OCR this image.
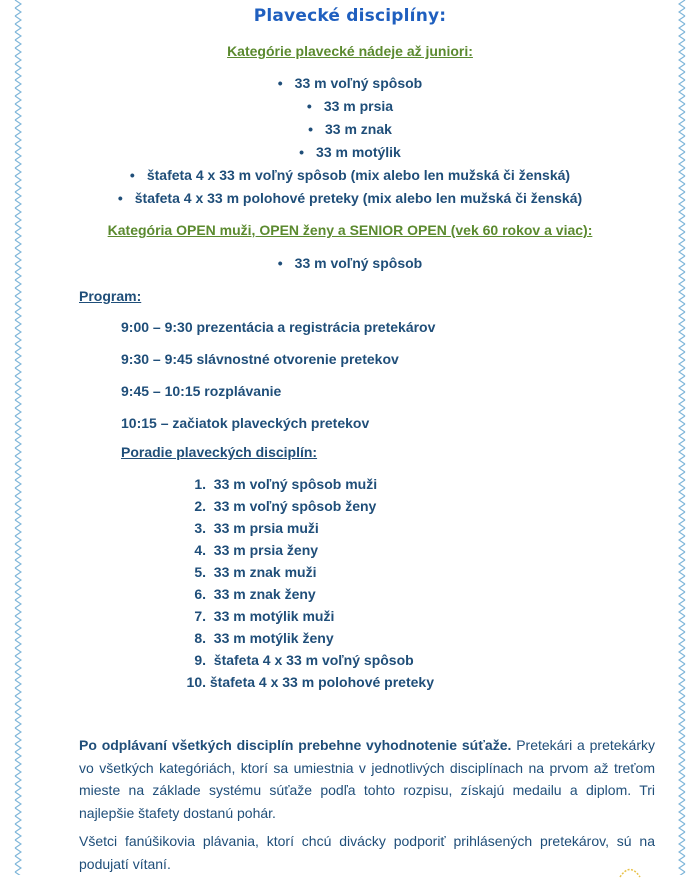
Plavecké disciplíny:
Kategórie plavecké nádeje až juniori:
• 33 m voľný spôsob
• 33 m prsia
• 33 m znak
• 33 m motýlik
• štafeta 4 x 33 m voľný spôsob (mix alebo len mužská či ženská)
• štafeta 4 x 33 m polohové preteky (mix alebo len mužská či ženská)
Kategória OPEN muži, OPEN ženy a SENIOR OPEN (vek 60 rokov a viac):
• 33 m voľný spôsob
Program:
9:00 – 9:30 prezentácia a registrácia pretekárov
9:30 – 9:45 slávnostné otvorenie pretekov
9:45 – 10:15 rozplávanie
10:15 – začiatok plaveckých pretekov
Poradie plaveckých disciplín:
1. 33 m voľný spôsob muži
2. 33 m voľný spôsob ženy
3. 33 m prsia muži
4. 33 m prsia ženy
5. 33 m znak muži
6. 33 m znak ženy
7. 33 m motýlik muži
8. 33 m motýlik ženy
9. štafeta 4 x 33 m voľný spôsob
10. štafeta 4 x 33 m polohové preteky

Po odplávaní všetkých disciplín prebehne vyhodnotenie súťaže. Pretekári a pretekárky vo všetkých kategóriách, ktorí sa umiestnia v jednotlivých disciplínach na prvom až treťom mieste na základe systému súťaže podľa tohto rozpisu, získajú medailu a diplom. Tri najlepšie štafety dostanú pohár.

Všetci fanúšikovia plávania, ktorí chcú divácky podporiť prihlásených pretekárov, sú na podujatí vítaní.
